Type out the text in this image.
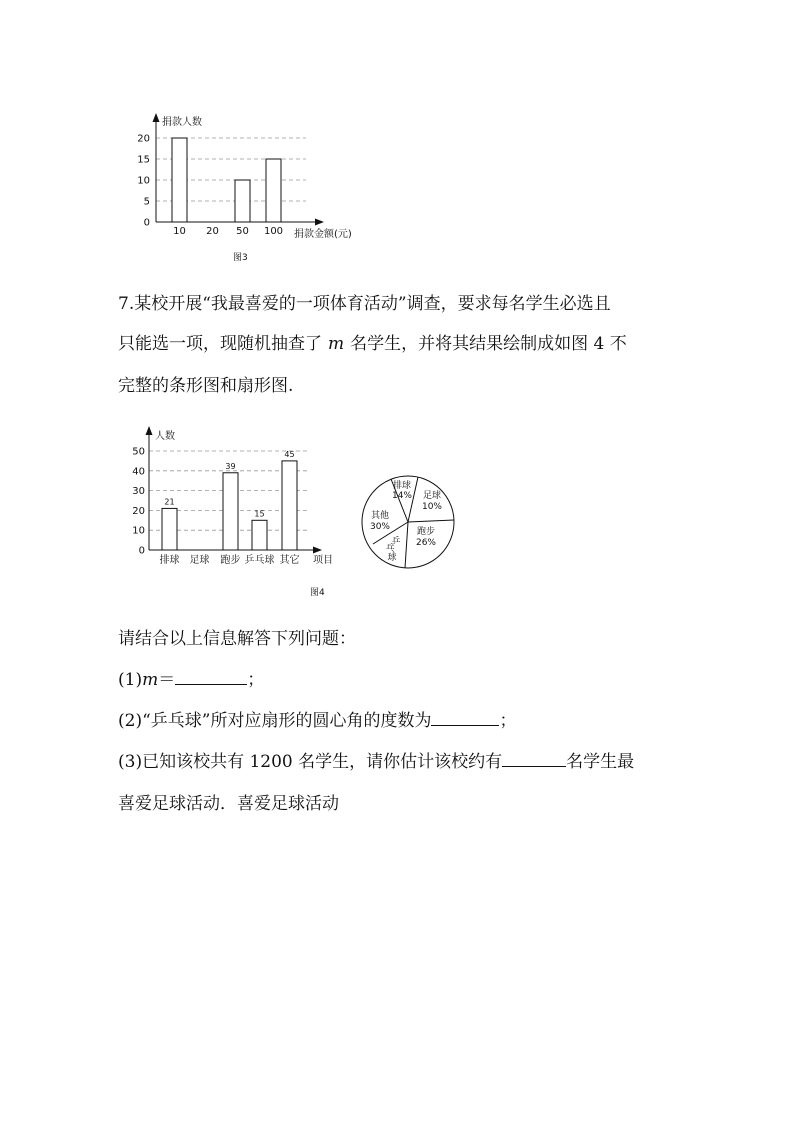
0
5
10
15
20
10 20 50 100
捐款人数
捐款金额(元)
图3
7.某校开展“我最喜爱的一项体育活动”调查，要求每名学生必选且
只能选一项，现随机抽查了 m 名学生，并将其结果绘制成如图 4 不
完整的条形图和扇形图.
21
39
15
45
0
10
20
30
40
50
排球 足球 跑步 乒乓球 其它
人数
项目
排球
14% 足球
10%
跑步
26%
乒
乓
球
其他
30%
图4
请结合以上信息解答下列问题：
(1)m＝	；
(2)“乒乓球”所对应扇形的圆心角的度数为	；
(3)已知该校共有 1200 名学生，请你估计该校约有	名学生最
喜爱足球活动．喜爱足球活动
